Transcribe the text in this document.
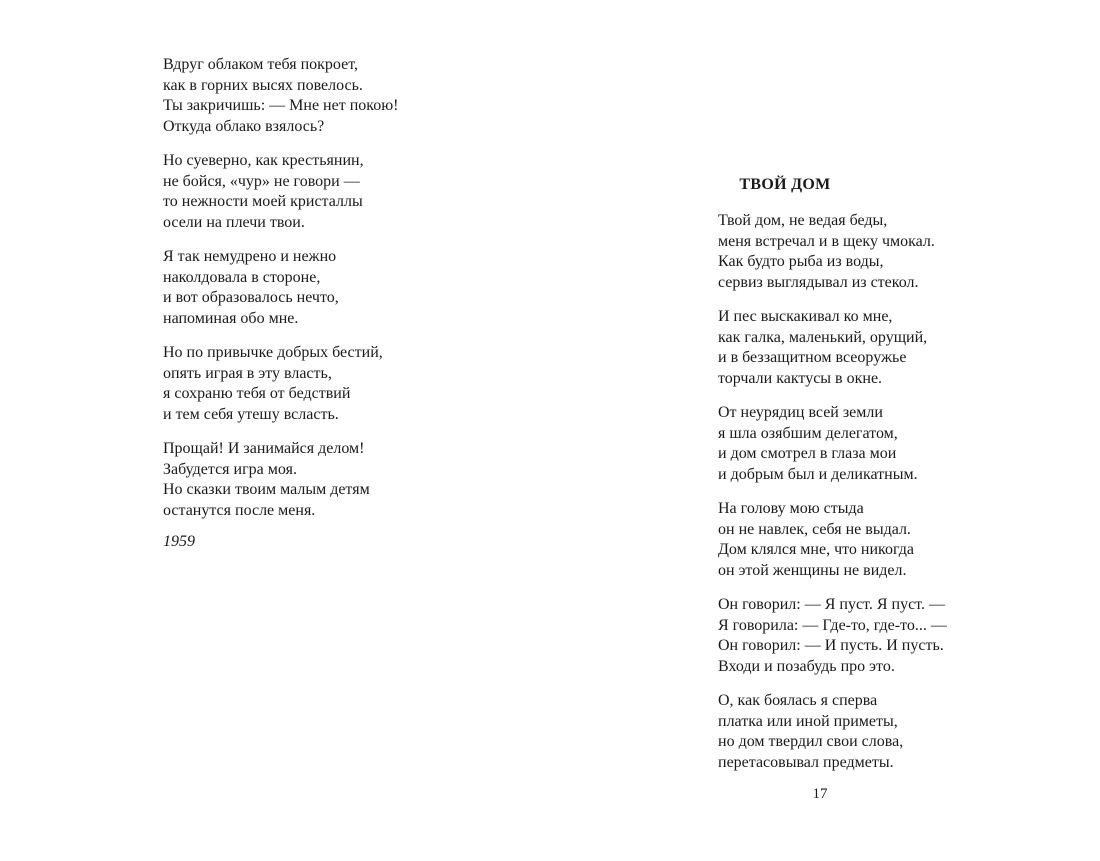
Вдруг облаком тебя покроет,
как в горних высях повелось.
Ты закричишь: — Мне нет покою!
Откуда облако взялось?
Но суеверно, как крестьянин,
не бойся, «чур» не говори —
то нежности моей кристаллы
осели на плечи твои.
Я так немудрено и нежно
наколдовала в стороне,
и вот образовалось нечто,
напоминая обо мне.
Но по привычке добрых бестий,
опять играя в эту власть,
я сохраню тебя от бедствий
и тем себя утешу всласть.
Прощай! И занимайся делом!
Забудется игра моя.
Но сказки твоим малым детям
останутся после меня.
1959
ТВОЙ ДОМ
Твой дом, не ведая беды,
меня встречал и в щеку чмокал.
Как будто рыба из воды,
сервиз выглядывал из стекол.
И пес выскакивал ко мне,
как галка, маленький, орущий,
и в беззащитном всеоружье
торчали кактусы в окне.
От неурядиц всей земли
я шла озябшим делегатом,
и дом смотрел в глаза мои
и добрым был и деликатным.
На голову мою стыда
он не навлек, себя не выдал.
Дом клялся мне, что никогда
он этой женщины не видел.
Он говорил: — Я пуст. Я пуст. —
Я говорила: — Где-то, где-то... —
Он говорил: — И пусть. И пусть.
Входи и позабудь про это.
О, как боялась я сперва
платка или иной приметы,
но дом твердил свои слова,
перетасовывал предметы.
17
